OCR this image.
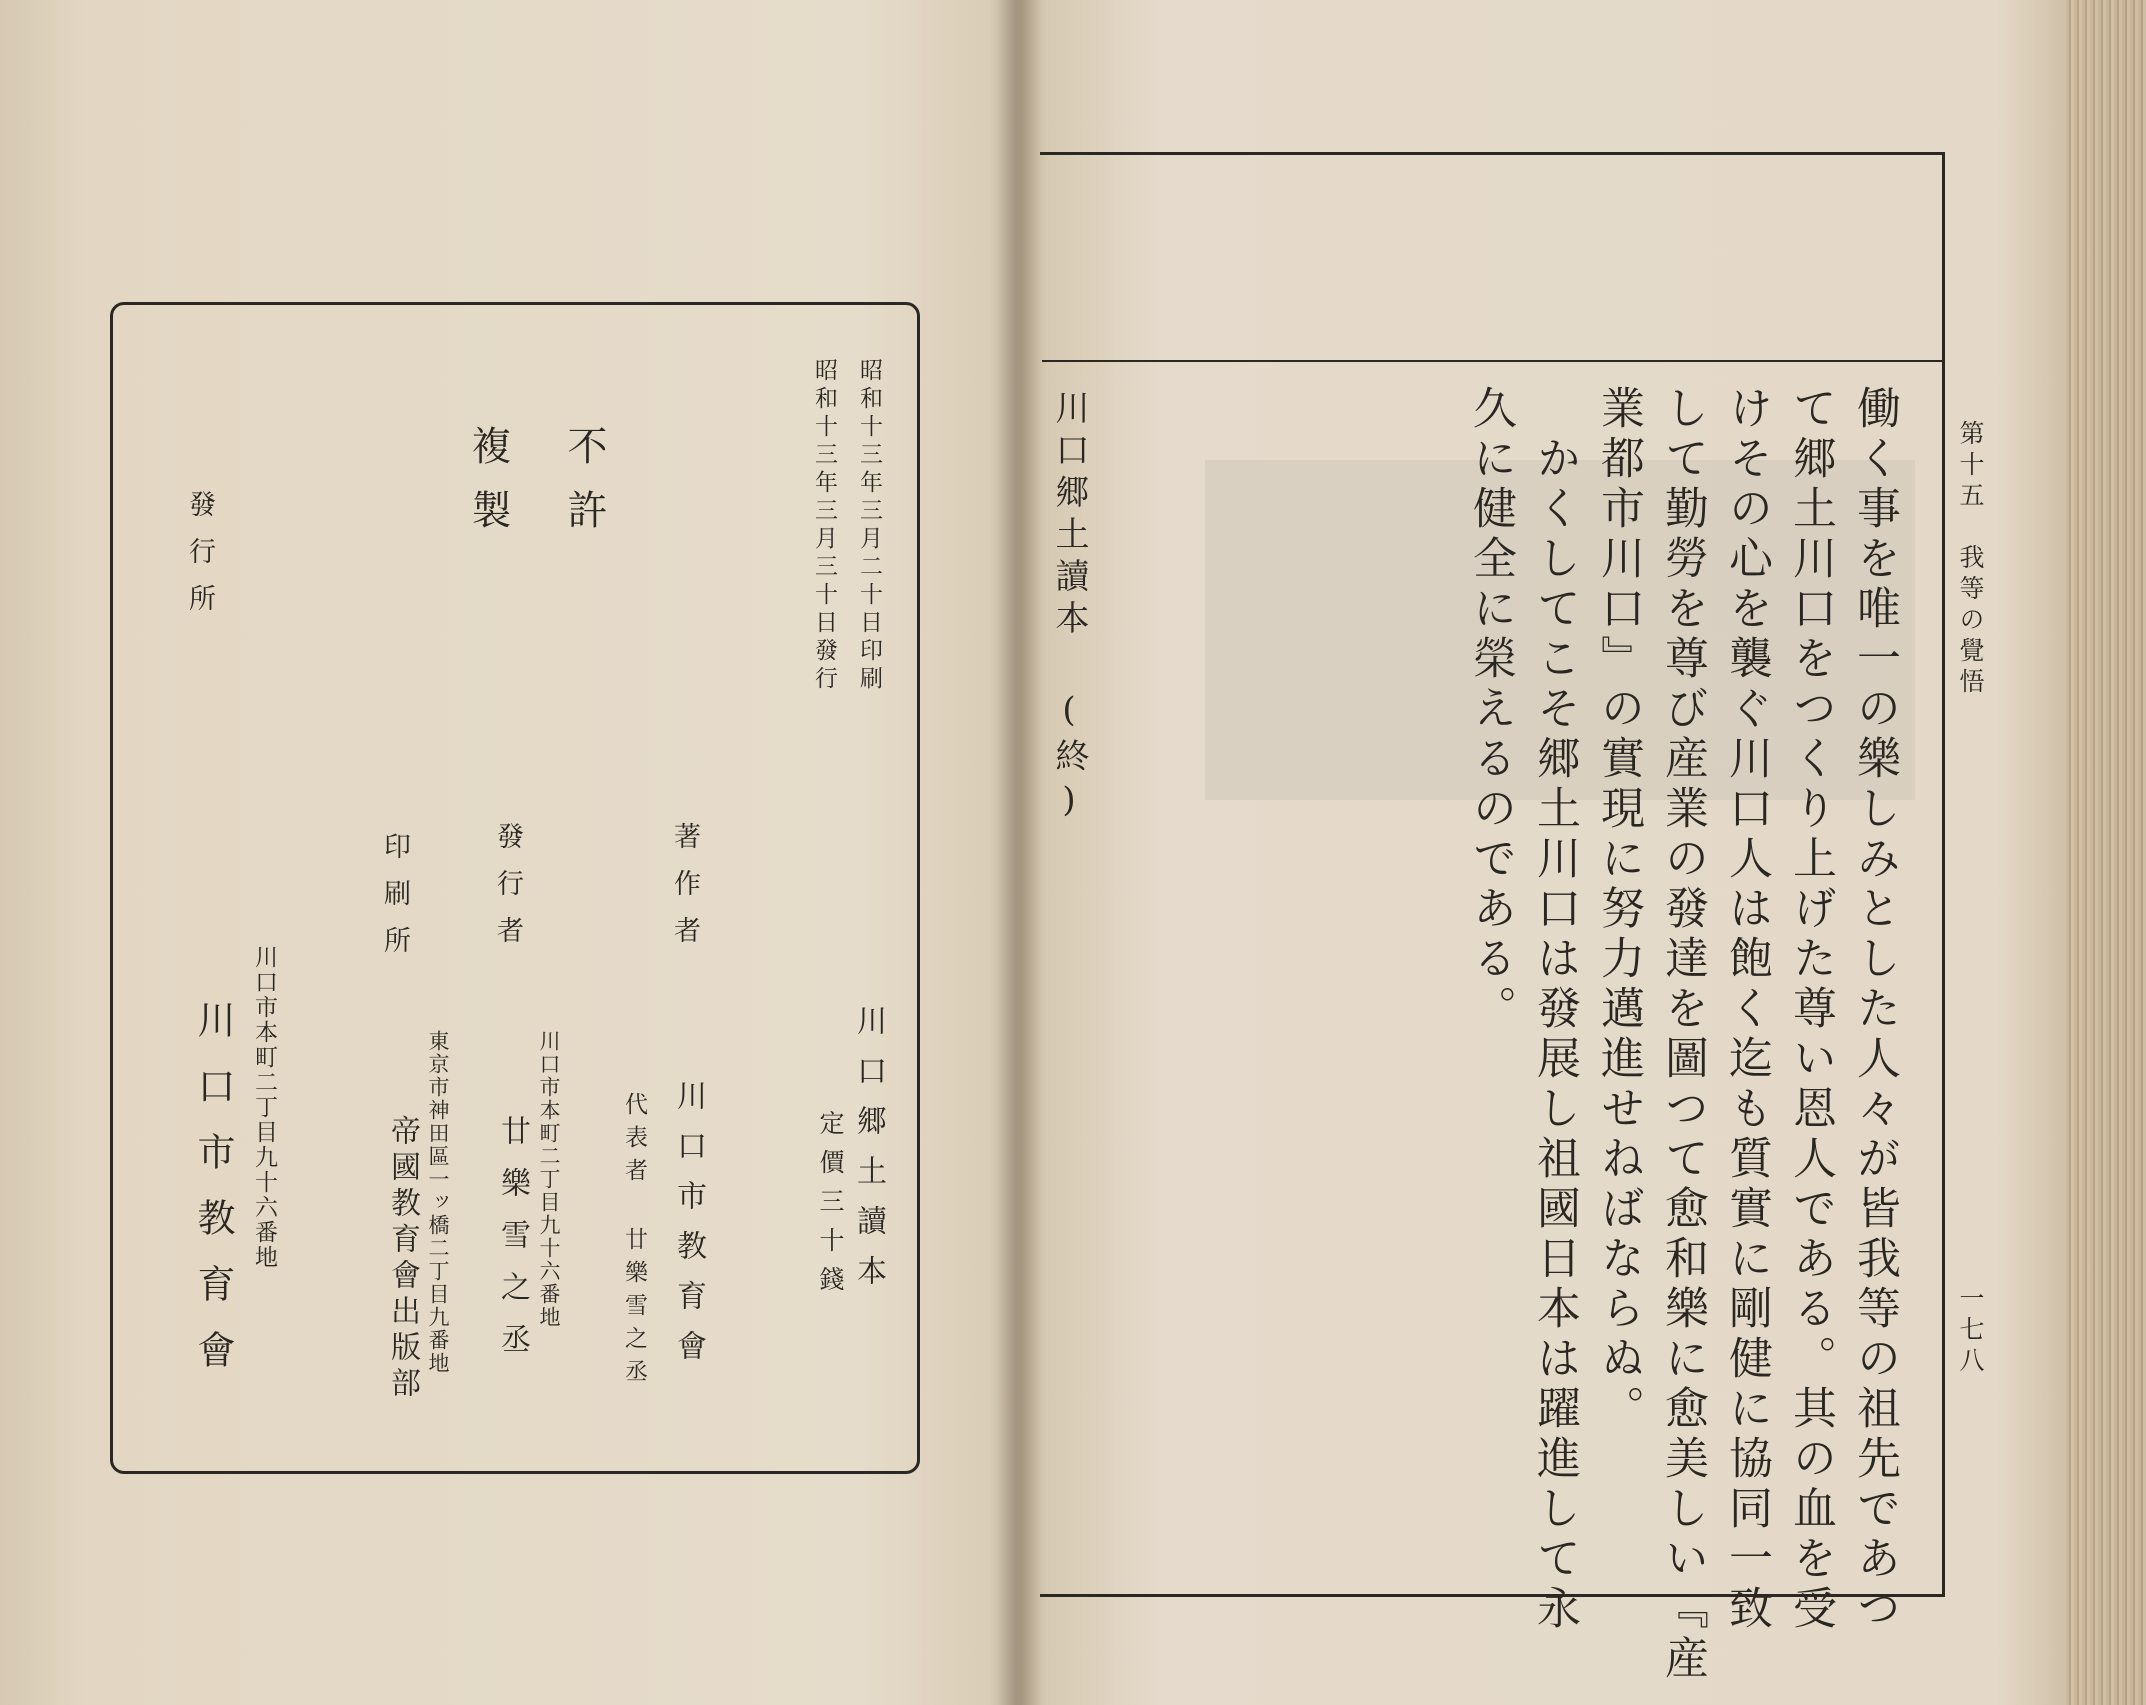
不許
複製
發行所	昭和十三年三月二十日印刷
昭和十三年三月三十日發行
川口郷土讀本
定價三十錢
著作者
川口市教育會
代表者 廿樂雪之丞
發行者
川口市本町二丁目九十六番地
廿樂雪之丞
印刷所
東京市神田區一ッ橋二丁目九番地
帝國教育會出版部
川口市本町二丁目九十六番地
川口市教育會
川口郷土讀本 (終)	第十五　我等の覺悟
一七八
働く事を唯一の樂しみとした人々が皆我等の祖先であつ
て郷土川口をつくり上げた尊い恩人である。其の血を受
けその心を襲ぐ川口人は飽く迄も質實に剛健に協同一致
して勤勞を尊び産業の發達を圖つて愈和樂に愈美しい『産
業都市川口』の實現に努力邁進せねばならぬ。
　かくしてこそ郷土川口は發展し祖國日本は躍進して永
久に健全に榮えるのである。
